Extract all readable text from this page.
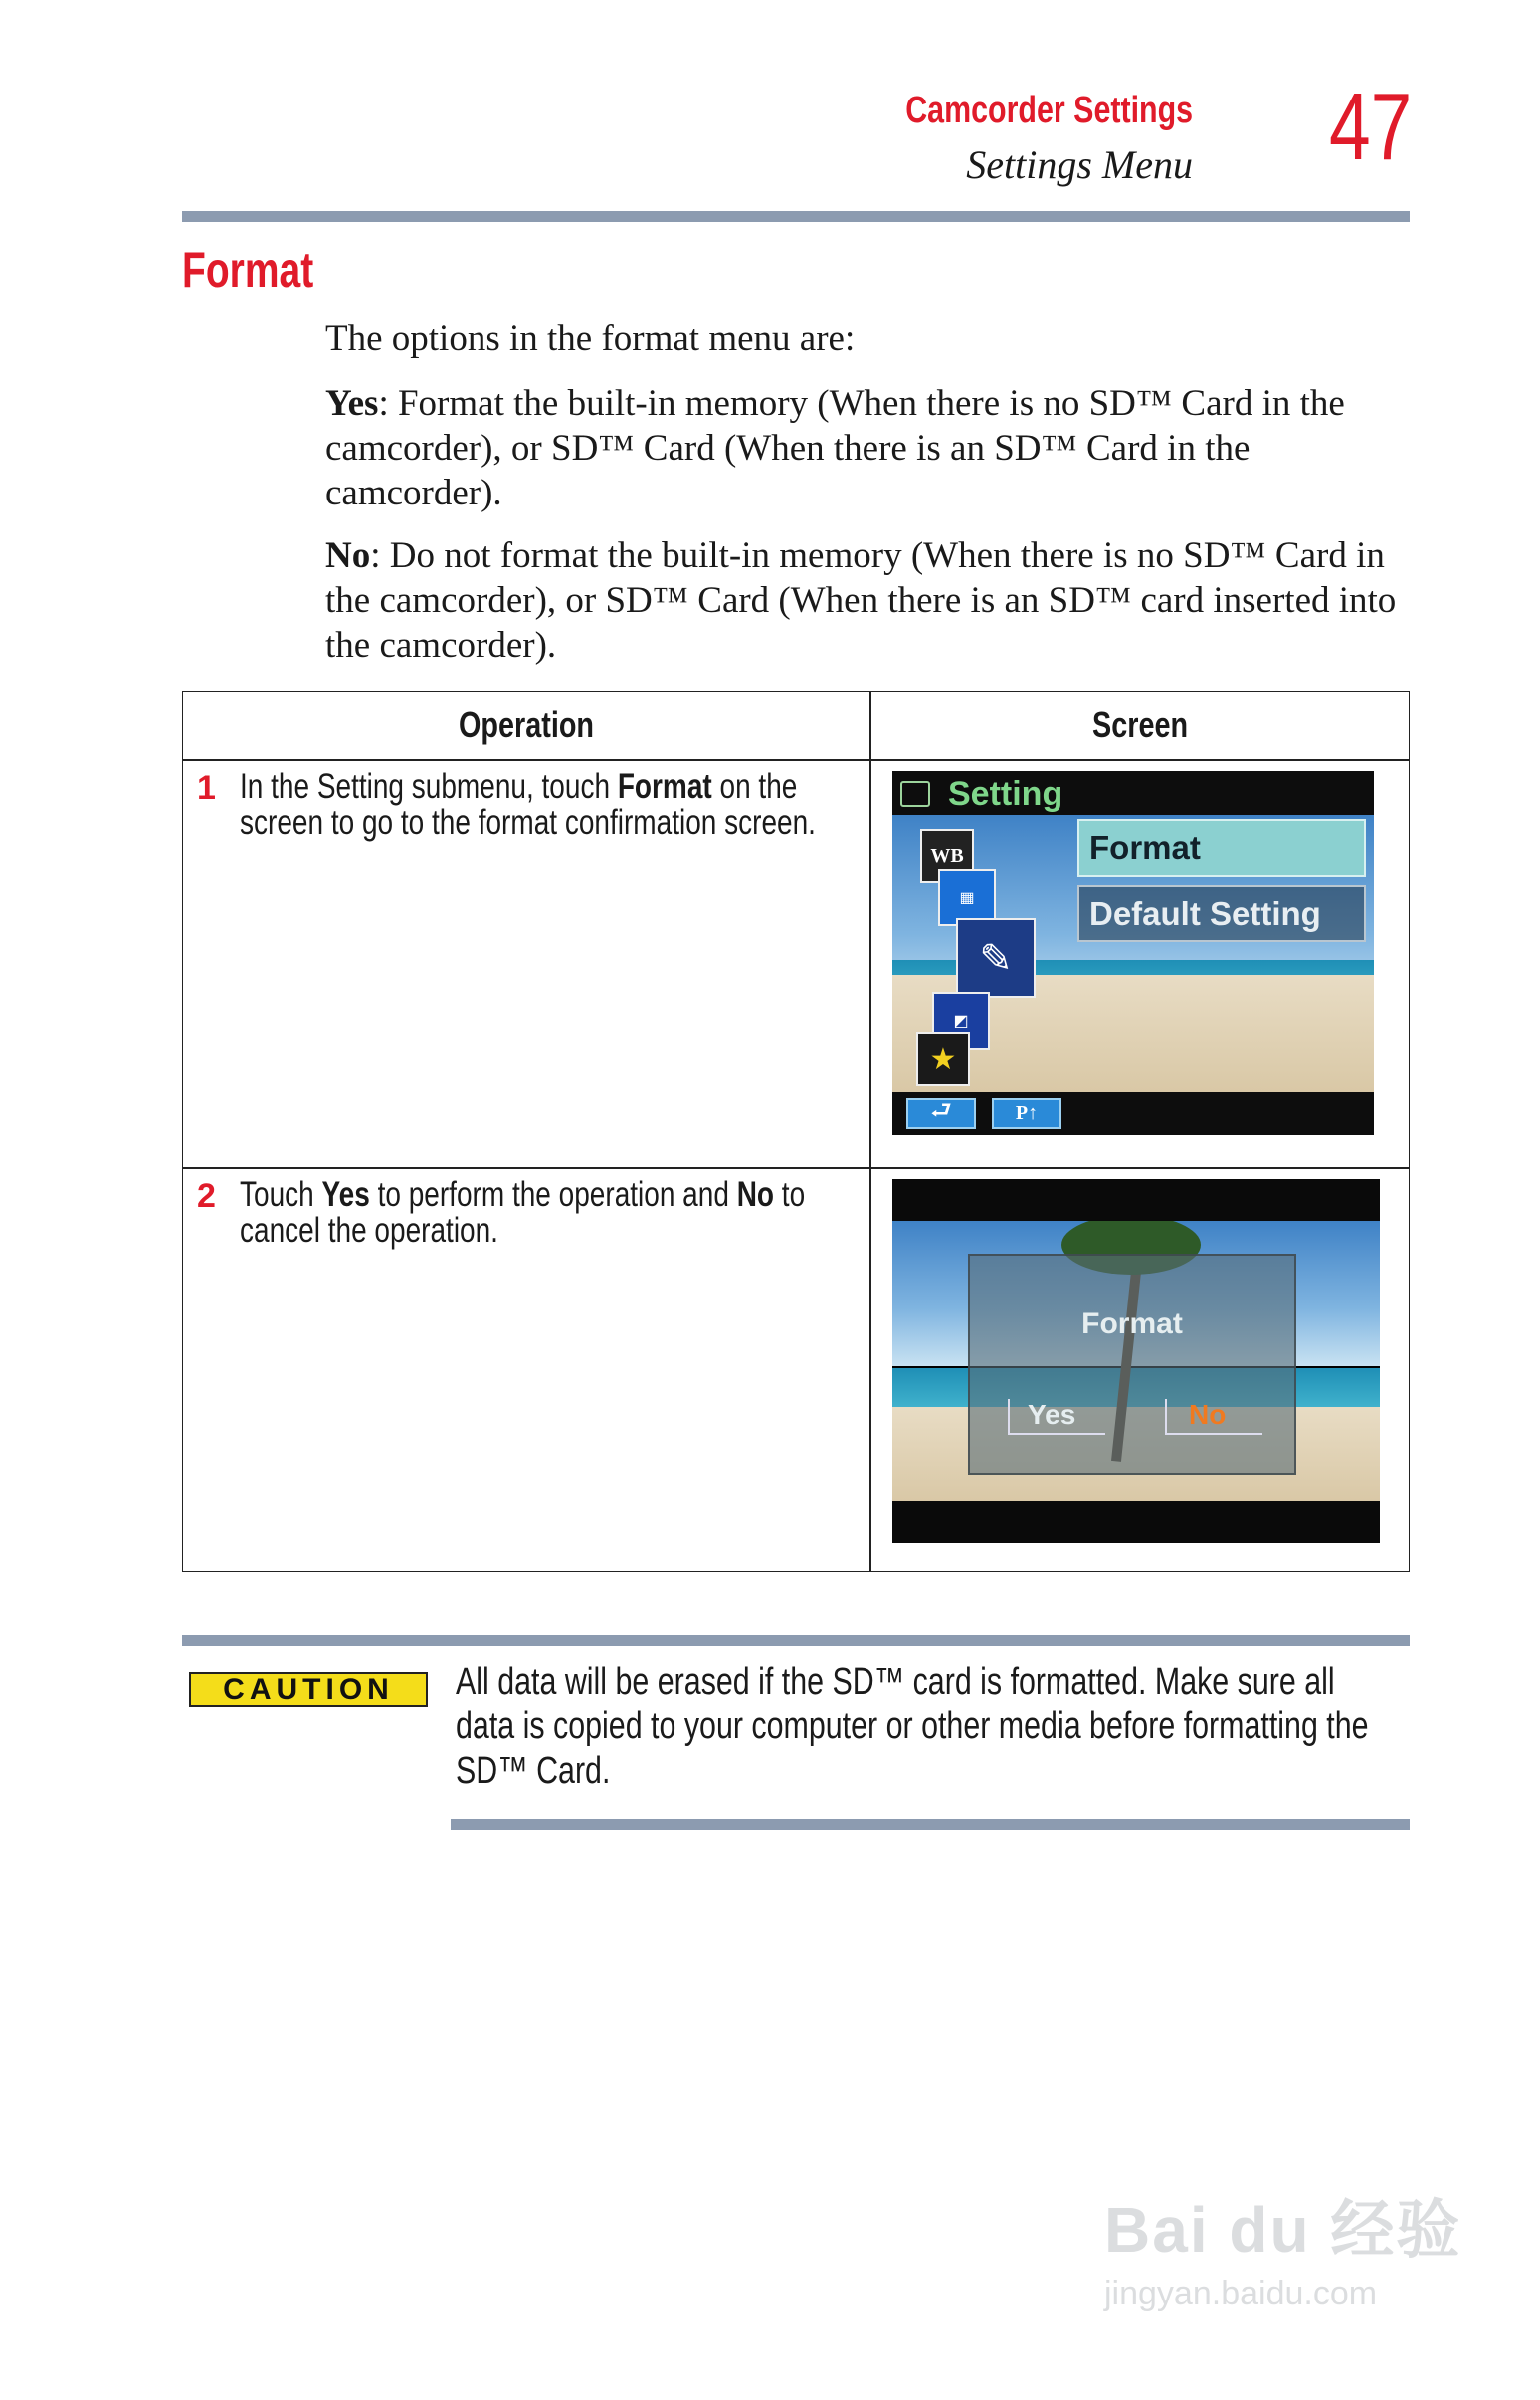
Camcorder Settings
Settings Menu 47
Format
The options in the format menu are:
Yes: Format the built-in memory (When there is no SD™ Card in the camcorder), or SD™ Card (When there is an SD™ Card in the camcorder).
No: Do not format the built-in memory (When there is no SD™ Card in the camcorder), or SD™ Card (When there is an SD™ card inserted into the camcorder).
Operation	Screen
1 In the Setting submenu, touch Format on the screen to go to the format confirmation screen.
Setting
Format
Default Setting
WB
▦
✎
◩
★
⮐	P↑
2 Touch Yes to perform the operation and No to cancel the operation.
Format
Yes	No
CAUTION All data will be erased if the SD™ card is formatted. Make sure all data is copied to your computer or other media before formatting the SD™ Card.
Bai du 经验
jingyan.baidu.com
